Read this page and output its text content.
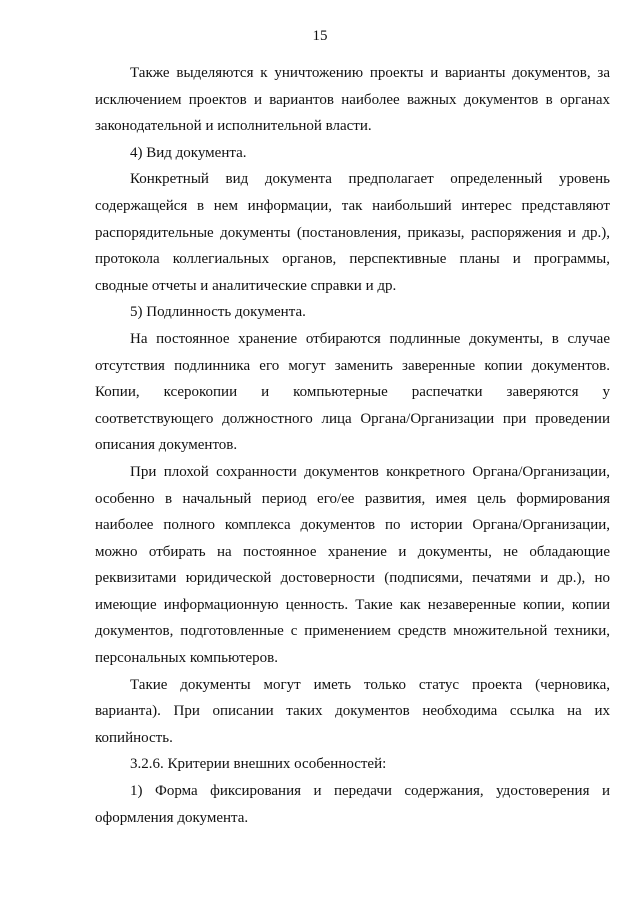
15
Также выделяются к уничтожению проекты и варианты документов, за
исключением проектов и вариантов наиболее важных документов в органах
законодательной и исполнительной власти.
4) Вид документа.
Конкретный вид документа предполагает определенный уровень
содержащейся в нем информации, так наибольший интерес представляют
распорядительные документы (постановления, приказы, распоряжения и др.),
протокола коллегиальных органов, перспективные планы и программы,
сводные отчеты и аналитические справки и др.
5) Подлинность документа.
На постоянное хранение отбираются подлинные документы, в случае
отсутствия подлинника его могут заменить заверенные копии документов.
Копии, ксерокопии и компьютерные распечатки заверяются у
соответствующего должностного лица Органа/Организации при проведении
описания документов.
При плохой сохранности документов конкретного Органа/Организации,
особенно в начальный период его/ее развития, имея цель формирования
наиболее полного комплекса документов по истории Органа/Организации,
можно отбирать на постоянное хранение и документы, не обладающие
реквизитами юридической достоверности (подписями, печатями и др.), но
имеющие информационную ценность. Такие как незаверенные копии, копии
документов, подготовленные с применением средств множительной техники,
персональных компьютеров.
Такие документы могут иметь только статус проекта (черновика,
варианта). При описании таких документов необходима ссылка на их
копийность.
3.2.6. Критерии внешних особенностей:
1) Форма фиксирования и передачи содержания, удостоверения и
оформления документа.
